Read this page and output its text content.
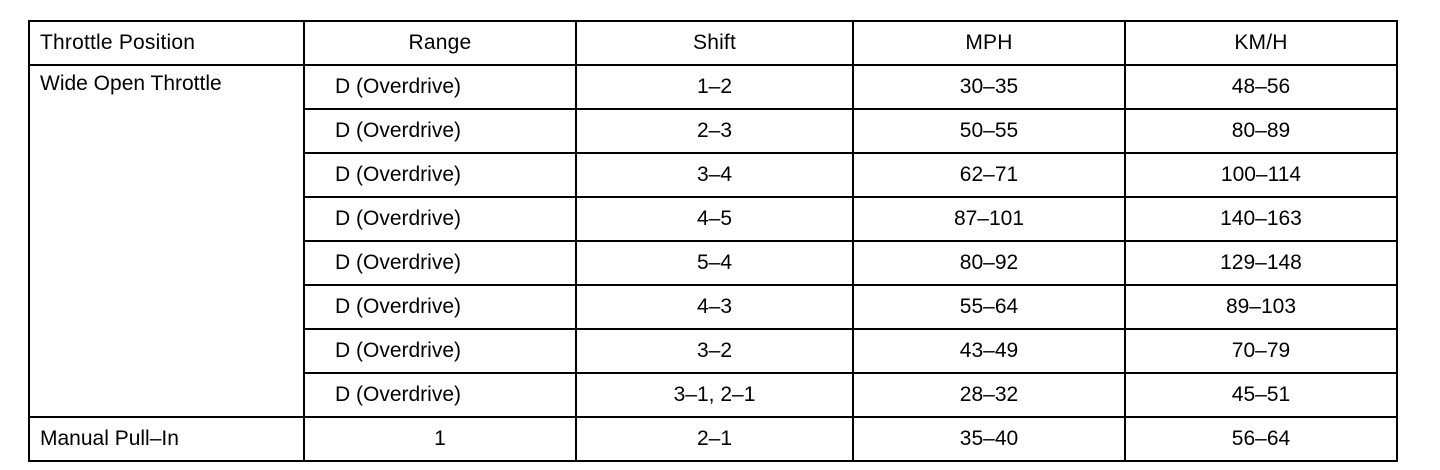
Throttle Position	Range	Shift	MPH	KM/H
Wide Open Throttle	D (Overdrive)	1–2	30–35	48–56
	D (Overdrive)	2–3	50–55	80–89
	D (Overdrive)	3–4	62–71	100–114
	D (Overdrive)	4–5	87–101	140–163
	D (Overdrive)	5–4	80–92	129–148
	D (Overdrive)	4–3	55–64	89–103
	D (Overdrive)	3–2	43–49	70–79
	D (Overdrive)	3–1, 2–1	28–32	45–51
Manual Pull–In	1	2–1	35–40	56–64
